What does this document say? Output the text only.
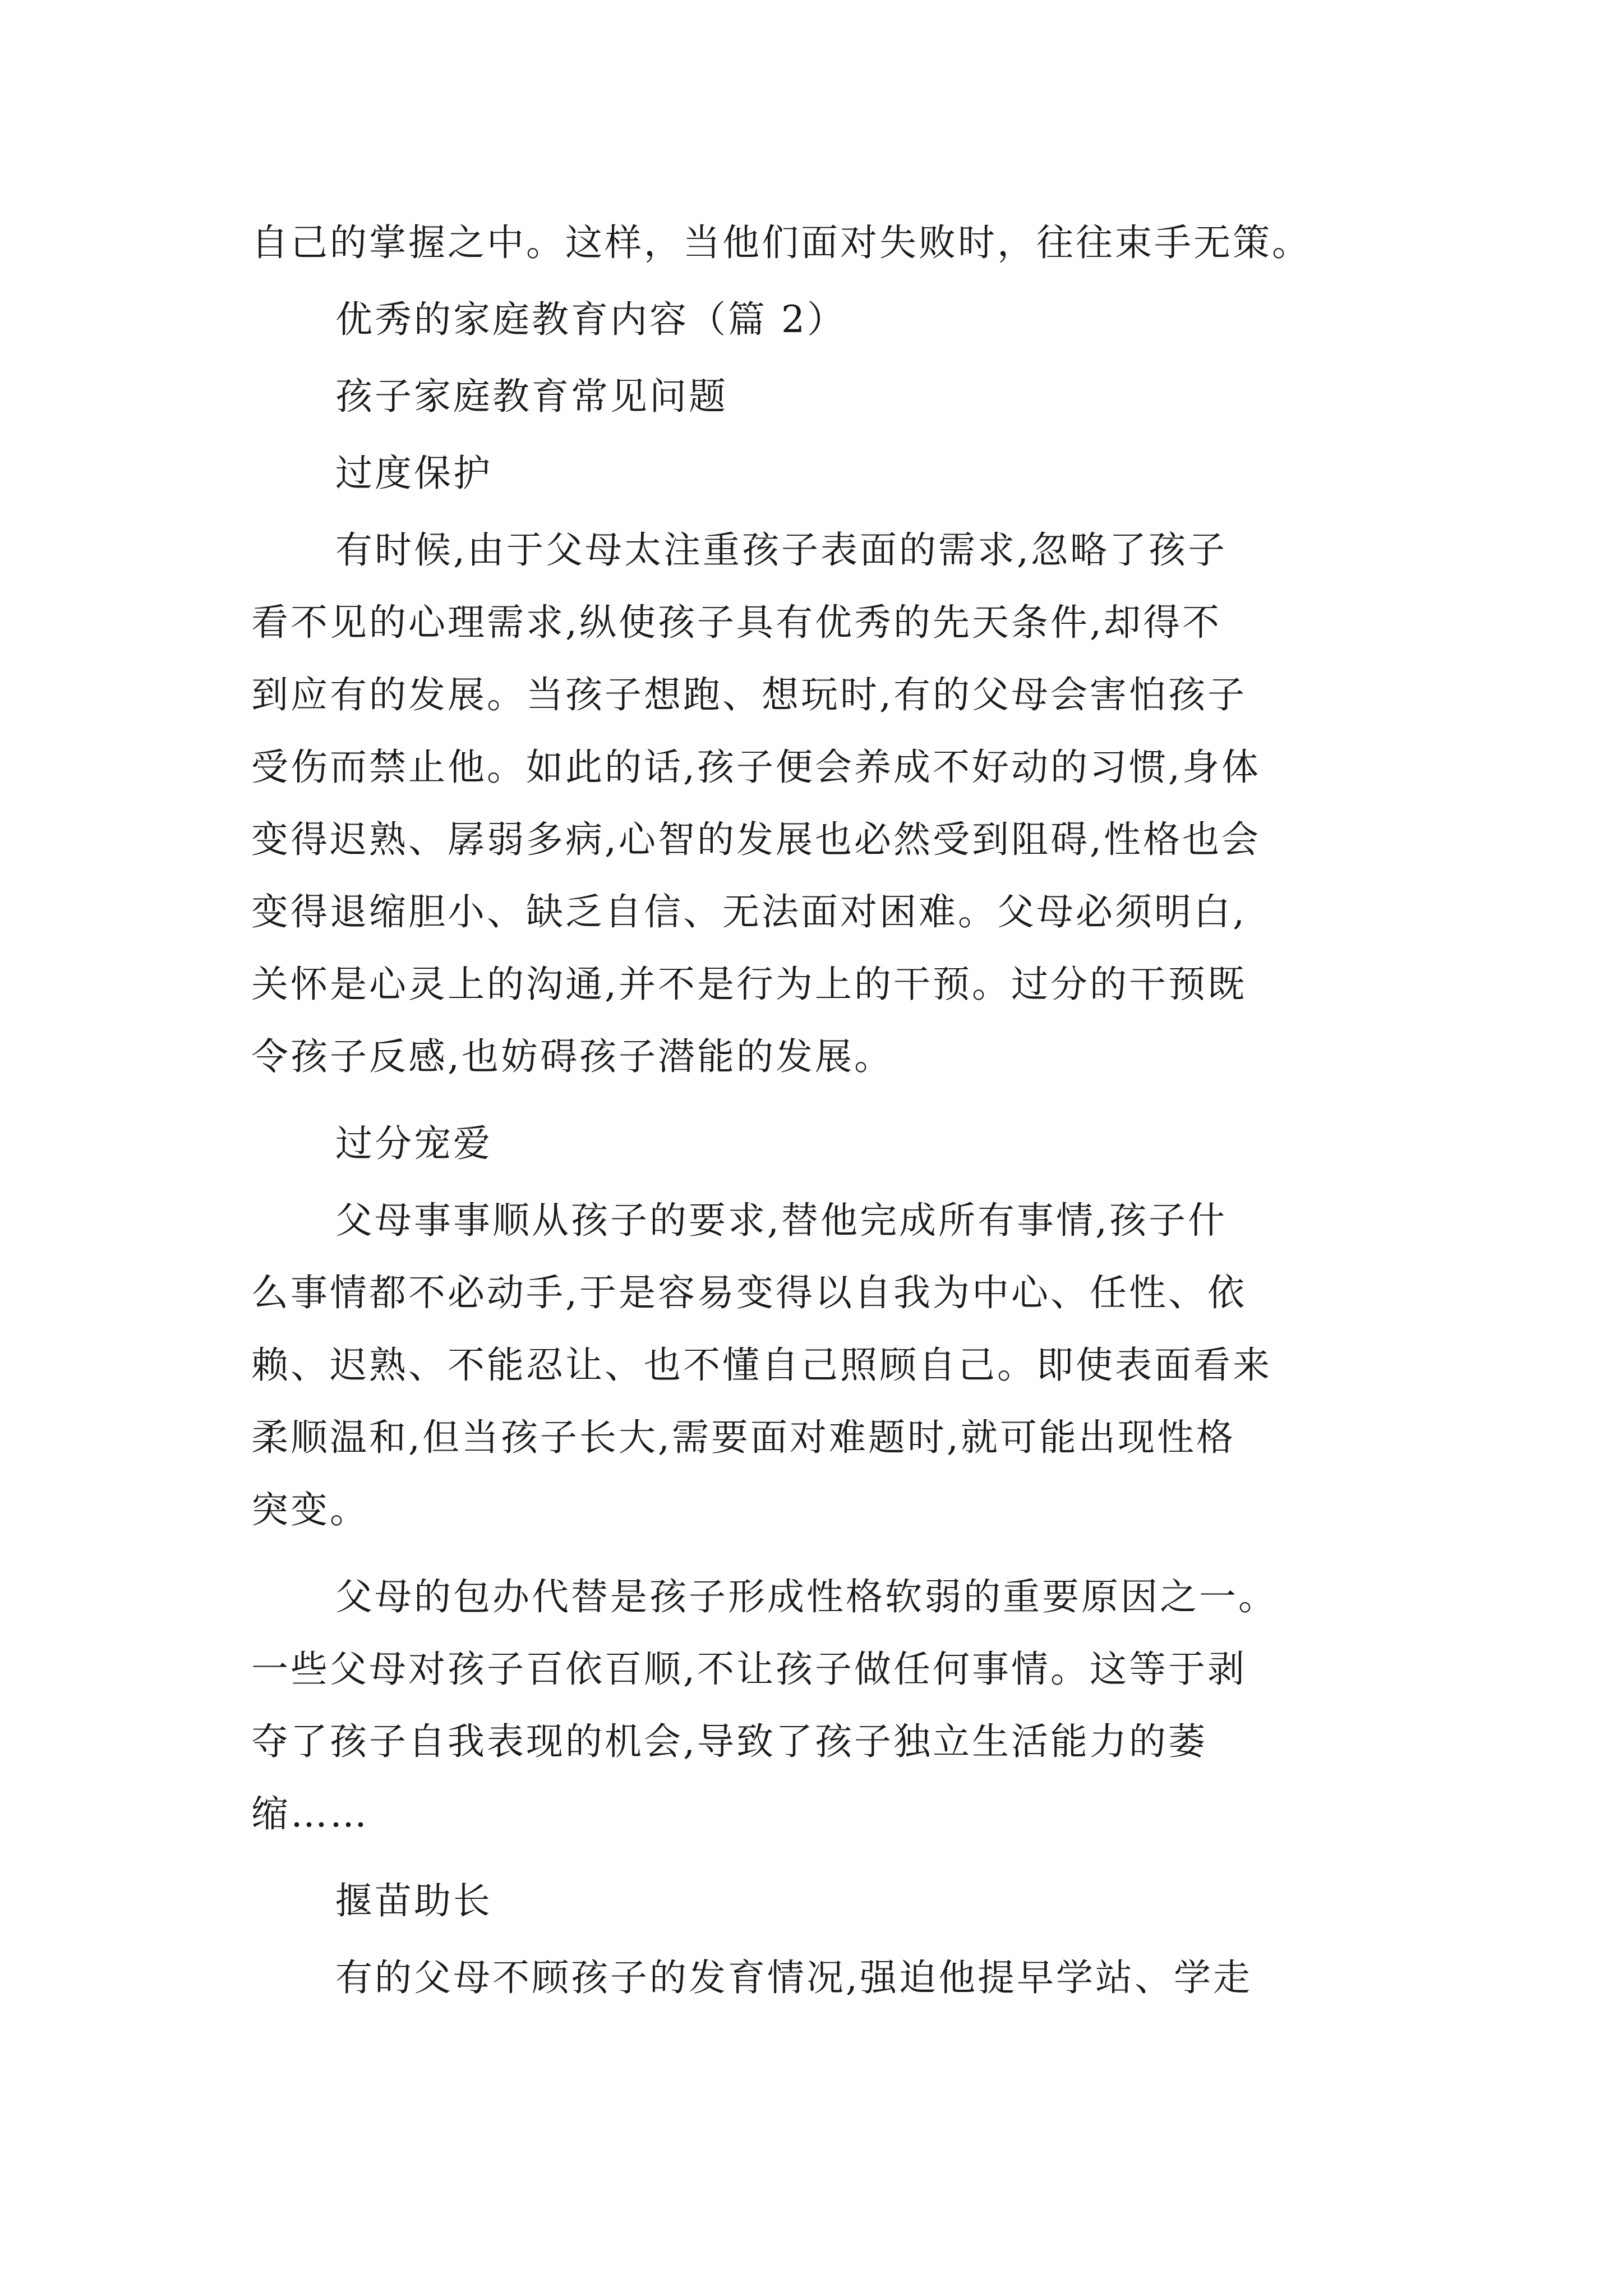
自己的掌握之中。这样，当他们面对失败时，往往束手无策。
优秀的家庭教育内容（篇 2）
孩子家庭教育常见问题
过度保护
有时候,由于父母太注重孩子表面的需求,忽略了孩子
看不见的心理需求,纵使孩子具有优秀的先天条件,却得不
到应有的发展。当孩子想跑、想玩时,有的父母会害怕孩子
受伤而禁止他。如此的话,孩子便会养成不好动的习惯,身体
变得迟熟、孱弱多病,心智的发展也必然受到阻碍,性格也会
变得退缩胆小、缺乏自信、无法面对困难。父母必须明白,
关怀是心灵上的沟通,并不是行为上的干预。过分的干预既
令孩子反感,也妨碍孩子潜能的发展。
过分宠爱
父母事事顺从孩子的要求,替他完成所有事情,孩子什
么事情都不必动手,于是容易变得以自我为中心、任性、依
赖、迟熟、不能忍让、也不懂自己照顾自己。即使表面看来
柔顺温和,但当孩子长大,需要面对难题时,就可能出现性格
突变。
父母的包办代替是孩子形成性格软弱的重要原因之一。
一些父母对孩子百依百顺,不让孩子做任何事情。这等于剥
夺了孩子自我表现的机会,导致了孩子独立生活能力的萎
缩……
揠苗助长
有的父母不顾孩子的发育情况,强迫他提早学站、学走
